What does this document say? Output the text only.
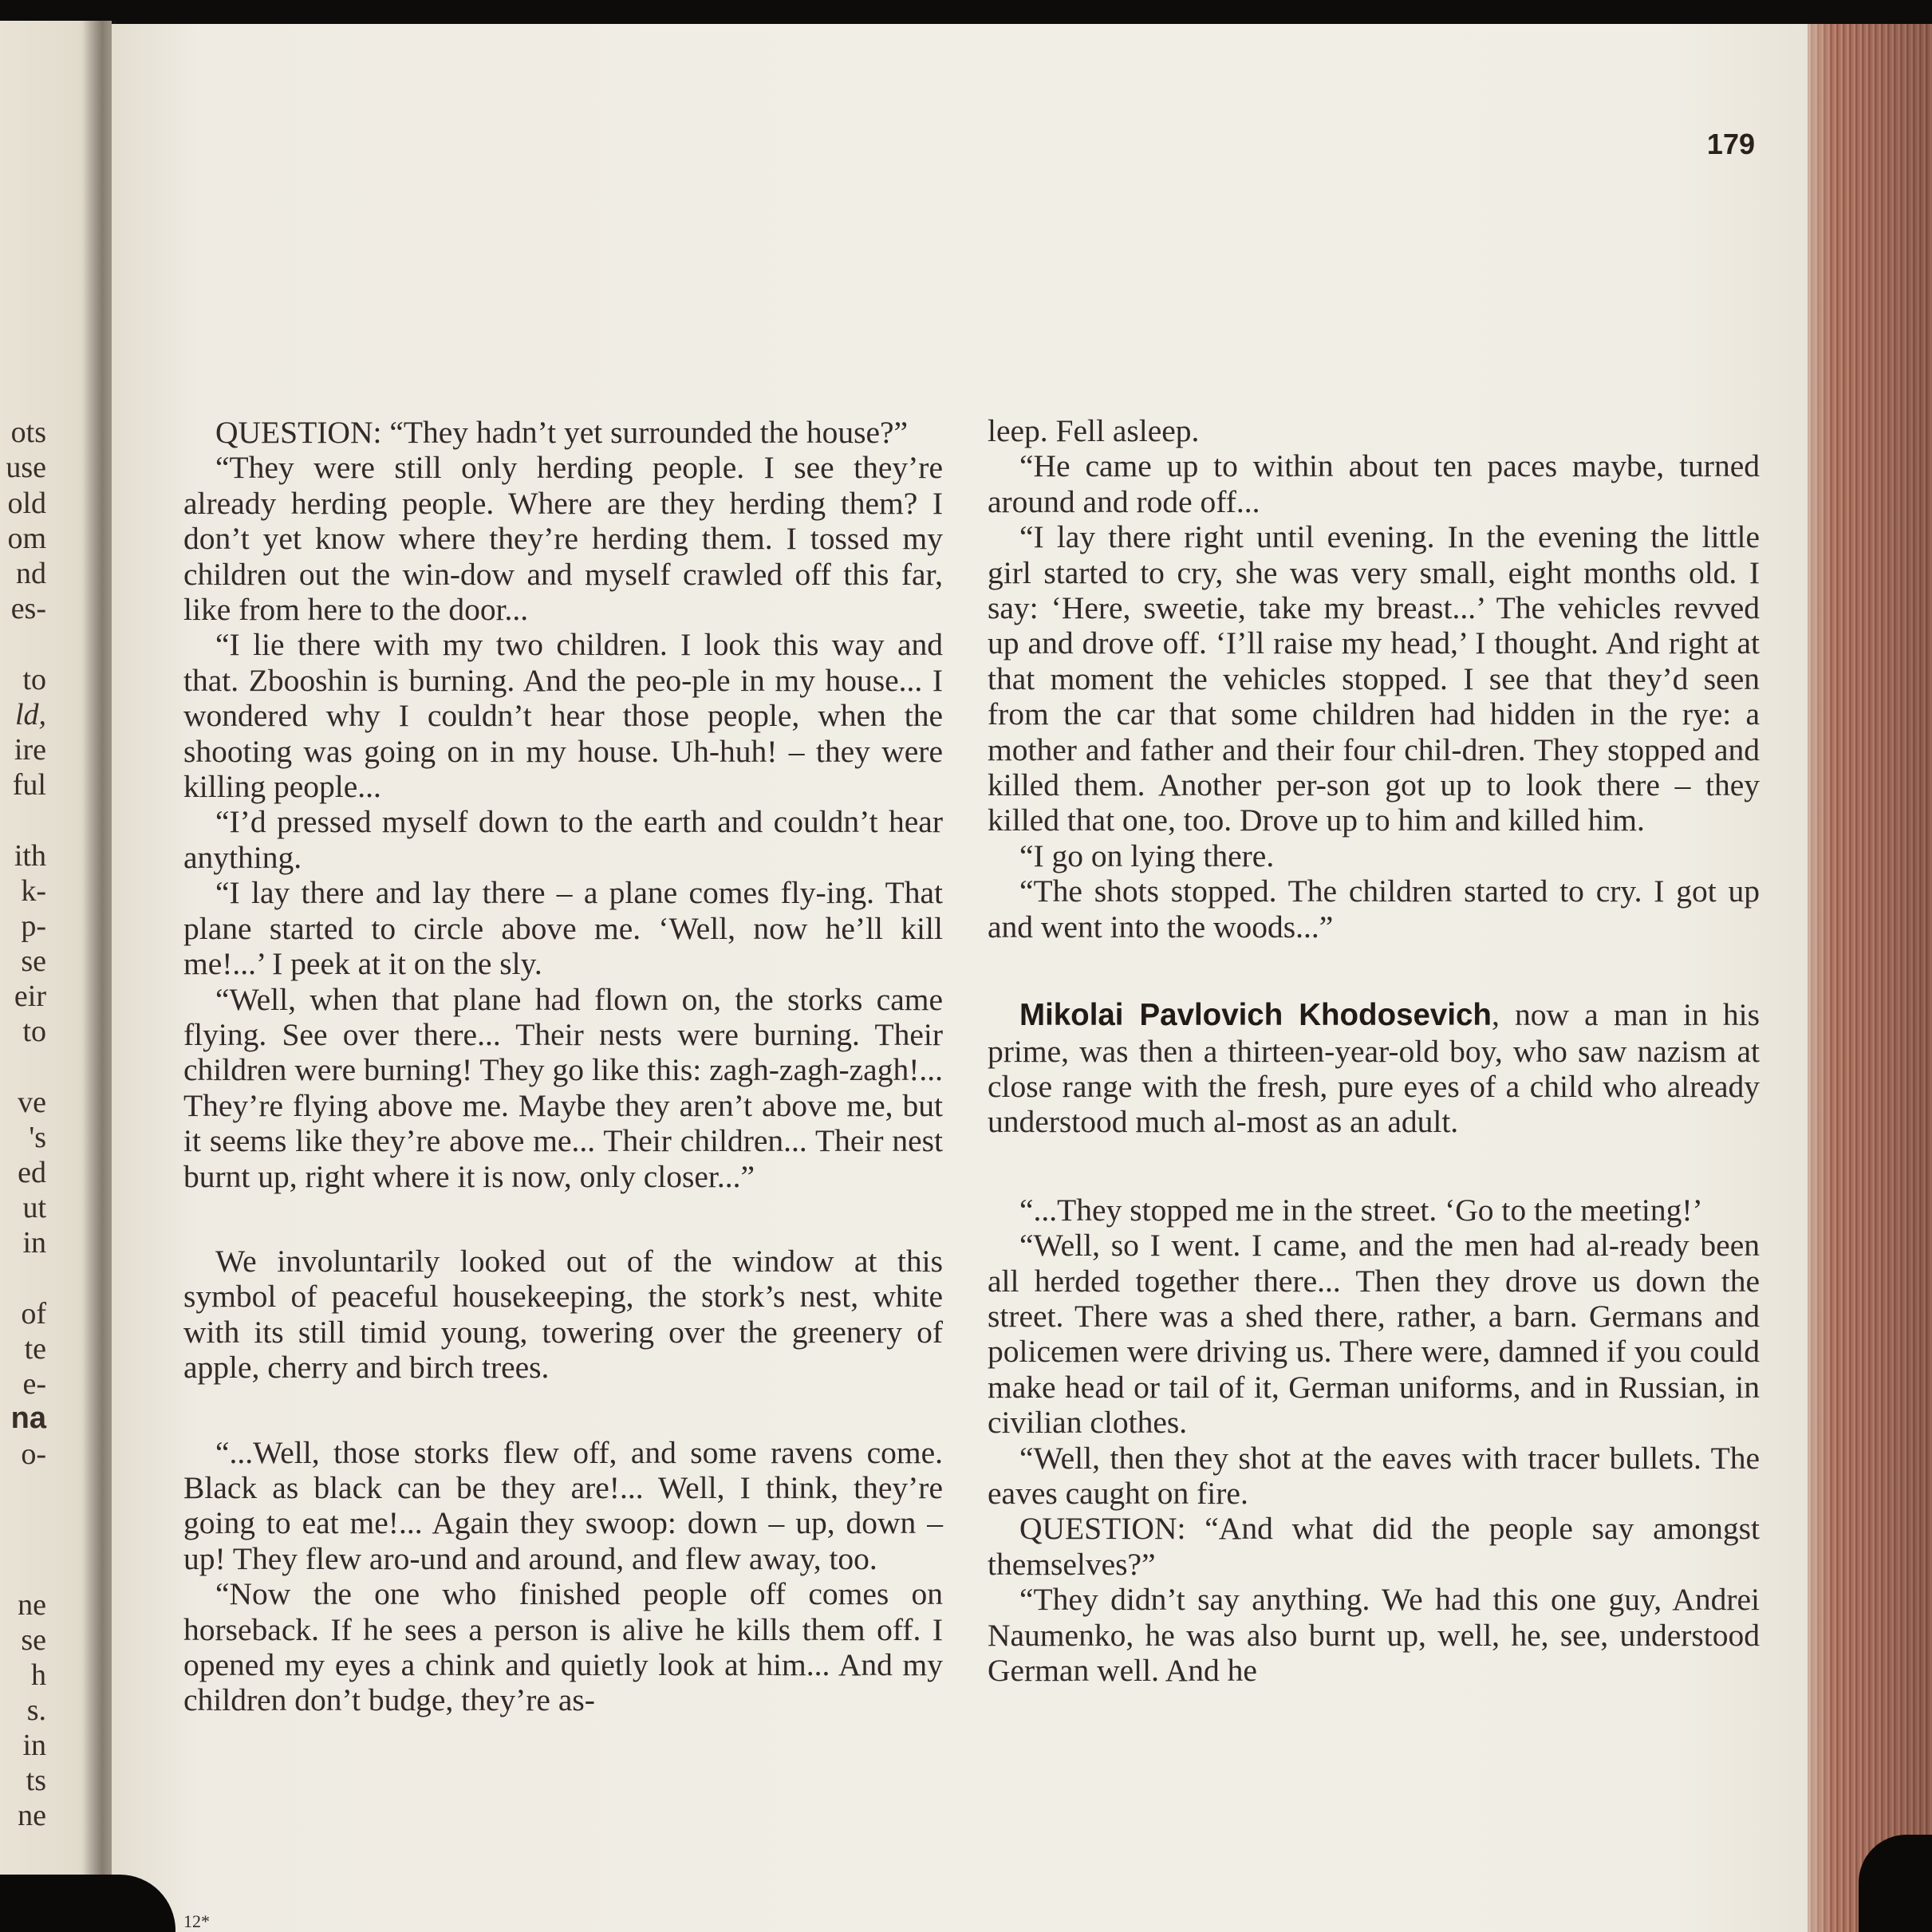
ots
use
old
om
nd
es-
to
ld,
ire
ful
ith
k-
p-
se
eir
to
ve
's
ed
ut
in
of
te
e-
na
o-
ne
se
h
s.
in
ts
ne
179

QUESTION: “They hadn’t yet surrounded the house?”

“They were still only herding people. I see they’re already herding people. Where are they herding them? I don’t yet know where they’re herding them. I tossed my children out the win-dow and myself crawled off this far, like from here to the door...

“I lie there with my two children. I look this way and that. Zbooshin is burning. And the peo-ple in my house... I wondered why I couldn’t hear those people, when the shooting was going on in my house. Uh-huh! – they were killing people...

“I’d pressed myself down to the earth and couldn’t hear anything.

“I lay there and lay there – a plane comes fly-ing. That plane started to circle above me. ‘Well, now he’ll kill me!...’ I peek at it on the sly.

“Well, when that plane had flown on, the storks came flying. See over there... Their nests were burning. Their children were burning! They go like this: zagh-zagh-zagh!... They’re flying above me. Maybe they aren’t above me, but it seems like they’re above me... Their children... Their nest burnt up, right where it is now, only closer...”

We involuntarily looked out of the window at this symbol of peaceful housekeeping, the stork’s nest, white with its still timid young, towering over the greenery of apple, cherry and birch trees.

“...Well, those storks flew off, and some ravens come. Black as black can be they are!... Well, I think, they’re going to eat me!... Again they swoop: down – up, down – up! They flew aro-und and around, and flew away, too.

“Now the one who finished people off comes on horseback. If he sees a person is alive he kills them off. I opened my eyes a chink and quietly look at him... And my children don’t budge, they’re as-

leep. Fell asleep.

“He came up to within about ten paces maybe, turned around and rode off...

“I lay there right until evening. In the evening the little girl started to cry, she was very small, eight months old. I say: ‘Here, sweetie, take my breast...’ The vehicles revved up and drove off. ‘I’ll raise my head,’ I thought. And right at that moment the vehicles stopped. I see that they’d seen from the car that some children had hidden in the rye: a mother and father and their four chil-dren. They stopped and killed them. Another per-son got up to look there – they killed that one, too. Drove up to him and killed him.

“I go on lying there.

“The shots stopped. The children started to cry. I got up and went into the woods...”

Mikolai Pavlovich Khodosevich, now a man in his prime, was then a thirteen-year-old boy, who saw nazism at close range with the fresh, pure eyes of a child who already understood much al-most as an adult.

“...They stopped me in the street. ‘Go to the meeting!’

“Well, so I went. I came, and the men had al-ready been all herded together there... Then they drove us down the street. There was a shed there, rather, a barn. Germans and policemen were driving us. There were, damned if you could make head or tail of it, German uniforms, and in Russian, in civilian clothes.

“Well, then they shot at the eaves with tracer bullets. The eaves caught on fire.

QUESTION: “And what did the people say amongst themselves?”

“They didn’t say anything. We had this one guy, Andrei Naumenko, he was also burnt up, well, he, see, understood German well. And he

12*
